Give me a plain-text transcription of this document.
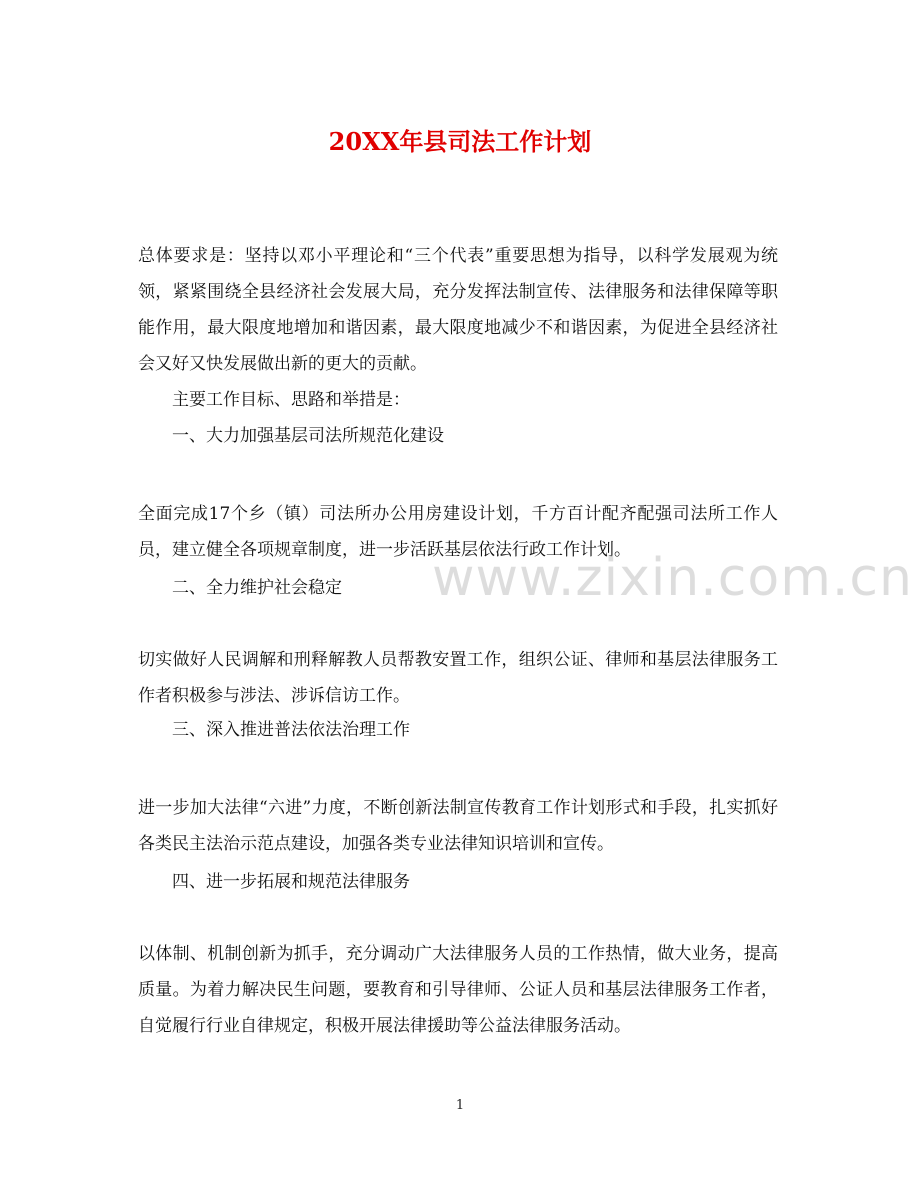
20XX年县司法工作计划
总体要求是：坚持以邓小平理论和“三个代表”重要思想为指导，以科学发展观为统领，紧紧围绕全县经济社会发展大局，充分发挥法制宣传、法律服务和法律保障等职能作用，最大限度地增加和谐因素，最大限度地减少不和谐因素，为促进全县经济社会又好又快发展做出新的更大的贡献。
主要工作目标、思路和举措是：
一、大力加强基层司法所规范化建设
全面完成17个乡（镇）司法所办公用房建设计划，千方百计配齐配强司法所工作人员，建立健全各项规章制度，进一步活跃基层依法行政工作计划。
二、全力维护社会稳定
切实做好人民调解和刑释解教人员帮教安置工作，组织公证、律师和基层法律服务工作者积极参与涉法、涉诉信访工作。
三、深入推进普法依法治理工作
进一步加大法律“六进”力度，不断创新法制宣传教育工作计划形式和手段，扎实抓好各类民主法治示范点建设，加强各类专业法律知识培训和宣传。
四、进一步拓展和规范法律服务
以体制、机制创新为抓手，充分调动广大法律服务人员的工作热情，做大业务，提高质量。为着力解决民生问题，要教育和引导律师、公证人员和基层法律服务工作者，自觉履行行业自律规定，积极开展法律援助等公益法律服务活动。
www.zixin.com.cn
1
